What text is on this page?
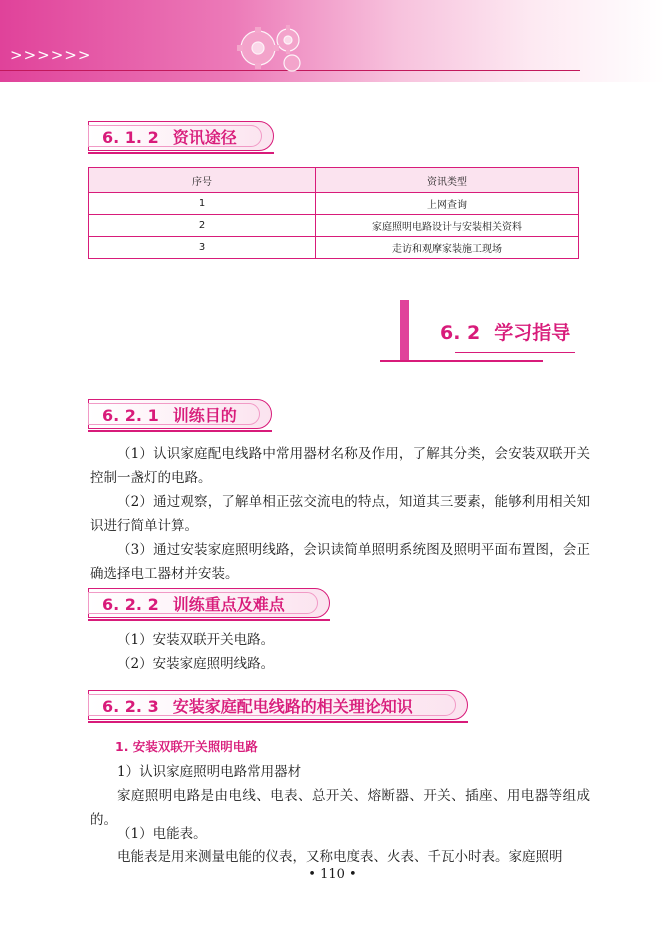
>>>>>>
6. 1. 2 资讯途径
序号	资讯类型
1	上网查询
2	家庭照明电路设计与安装相关资料
3	走访和观摩家装施工现场
6. 2 学习指导
6. 2. 1 训练目的

（1）认识家庭配电线路中常用器材名称及作用，了解其分类，会安装双联开关控制一盏灯的电路。

（2）通过观察，了解单相正弦交流电的特点，知道其三要素，能够利用相关知识进行简单计算。

（3）通过安装家庭照明线路，会识读简单照明系统图及照明平面布置图，会正确选择电工器材并安装。

6. 2. 2 训练重点及难点

（1）安装双联开关电路。

（2）安装家庭照明线路。

6. 2. 3 安装家庭配电线路的相关理论知识
1. 安装双联开关照明电路

1）认识家庭照明电路常用器材

家庭照明电路是由电线、电表、总开关、熔断器、开关、插座、用电器等组成的。

（1）电能表。

电能表是用来测量电能的仪表，又称电度表、火表、千瓦小时表。家庭照明

• 110 •
